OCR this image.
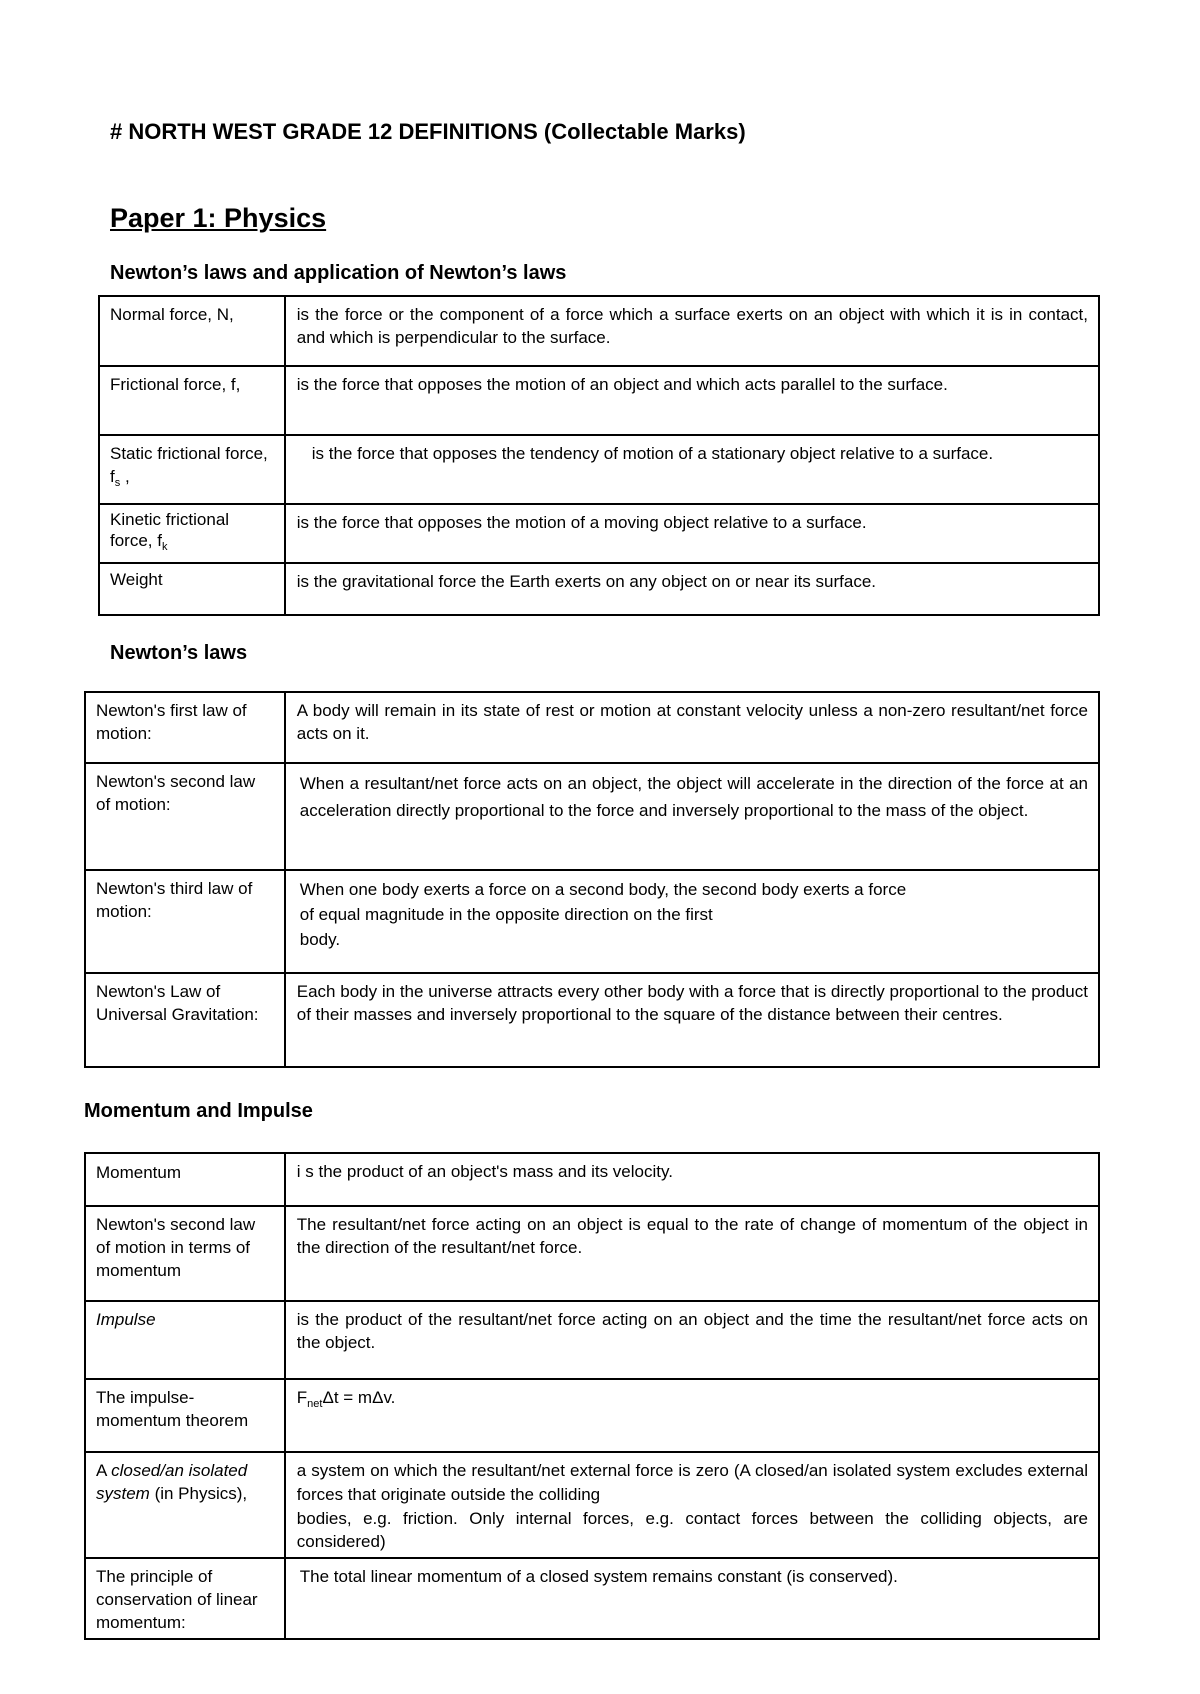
# NORTH WEST GRADE 12 DEFINITIONS (Collectable Marks)
Paper 1: Physics
Newton’s laws and application of Newton’s laws
Normal force, N,	is the force or the component of a force which a surface exerts on an object with which it is in contact, and which is perpendicular to the surface.
Frictional force, f,	is the force that opposes the motion of an object and which acts parallel to the surface.
Static frictional force, $f_s$ ,	is the force that opposes the tendency of motion of a stationary object relative to a surface.
Kinetic frictional force, $f_k$	is the force that opposes the motion of a moving object relative to a surface.
Weight	is the gravitational force the Earth exerts on any object on or near its surface.
Newton’s laws
Newton's first law of motion:	A body will remain in its state of rest or motion at constant velocity unless a non-zero resultant/net force acts on it.
Newton's second law of motion:	When a resultant/net force acts on an object, the object will accelerate in the direction of the force at an acceleration directly proportional to the force and inversely proportional to the mass of the object.
Newton's third law of motion:	When one body exerts a force on a second body, the second body exerts a force
of equal magnitude in the opposite direction on the first
body.

Newton's Law of Universal Gravitation:	Each body in the universe attracts every other body with a force that is directly proportional to the product of their masses and inversely proportional to the square of the distance between their centres.
Momentum and Impulse
Momentum	i s the product of an object's mass and its velocity.
Newton's second law of motion in terms of momentum	The resultant/net force acting on an object is equal to the rate of change of momentum of the object in the direction of the resultant/net force.
Impulse	is the product of the resultant/net force acting on an object and the time the resultant/net force acts on the object.
The impulse-momentum theorem	$F_{net}\Delta t = m\Delta v$.
A closed/an isolated system (in Physics),	a system on which the resultant/net external force is zero (A closed/an isolated system excludes external forces that originate outside the colliding
bodies, e.g. friction. Only internal forces, e.g. contact forces between the colliding objects, are considered)

The principle of conservation of linear momentum:	The total linear momentum of a closed system remains constant (is conserved).
